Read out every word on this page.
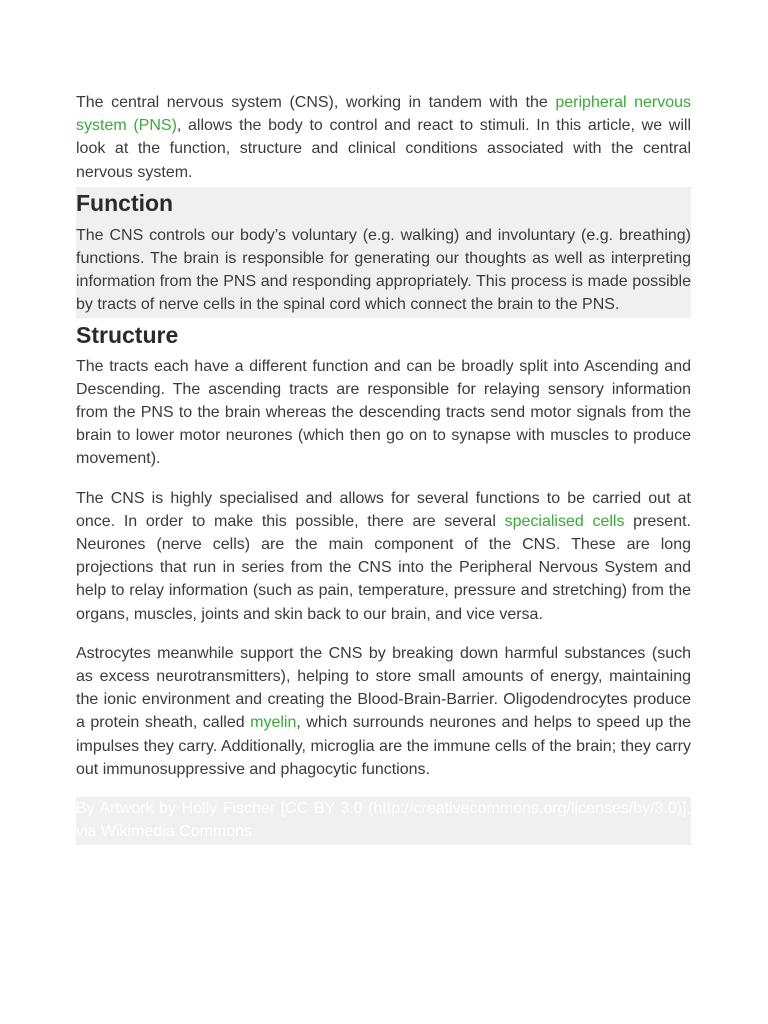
The central nervous system (CNS), working in tandem with the peripheral nervous system (PNS), allows the body to control and react to stimuli. In this article, we will look at the function, structure and clinical conditions associated with the central nervous system.

Function

The CNS controls our body’s voluntary (e.g. walking) and involuntary (e.g. breathing) functions. The brain is responsible for generating our thoughts as well as interpreting information from the PNS and responding appropriately. This process is made possible by tracts of nerve cells in the spinal cord which connect the brain to the PNS.

Structure

The tracts each have a different function and can be broadly split into Ascending and Descending. The ascending tracts are responsible for relaying sensory information from the PNS to the brain whereas the descending tracts send motor signals from the brain to lower motor neurones (which then go on to synapse with muscles to produce movement).

The CNS is highly specialised and allows for several functions to be carried out at once. In order to make this possible, there are several specialised cells present. Neurones (nerve cells) are the main component of the CNS. These are long projections that run in series from the CNS into the Peripheral Nervous System and help to relay information (such as pain, temperature, pressure and stretching) from the organs, muscles, joints and skin back to our brain, and vice versa.

Astrocytes meanwhile support the CNS by breaking down harmful substances (such as excess neurotransmitters), helping to store small amounts of energy, maintaining the ionic environment and creating the Blood-Brain-Barrier. Oligodendrocytes produce a protein sheath, called myelin, which surrounds neurones and helps to speed up the impulses they carry. Additionally, microglia are the immune cells of the brain; they carry out immunosuppressive and phagocytic functions.

By Artwork by Holly Fischer [CC BY 3.0 (http://creativecommons.org/licenses/by/3.0)], via Wikimedia Commons
